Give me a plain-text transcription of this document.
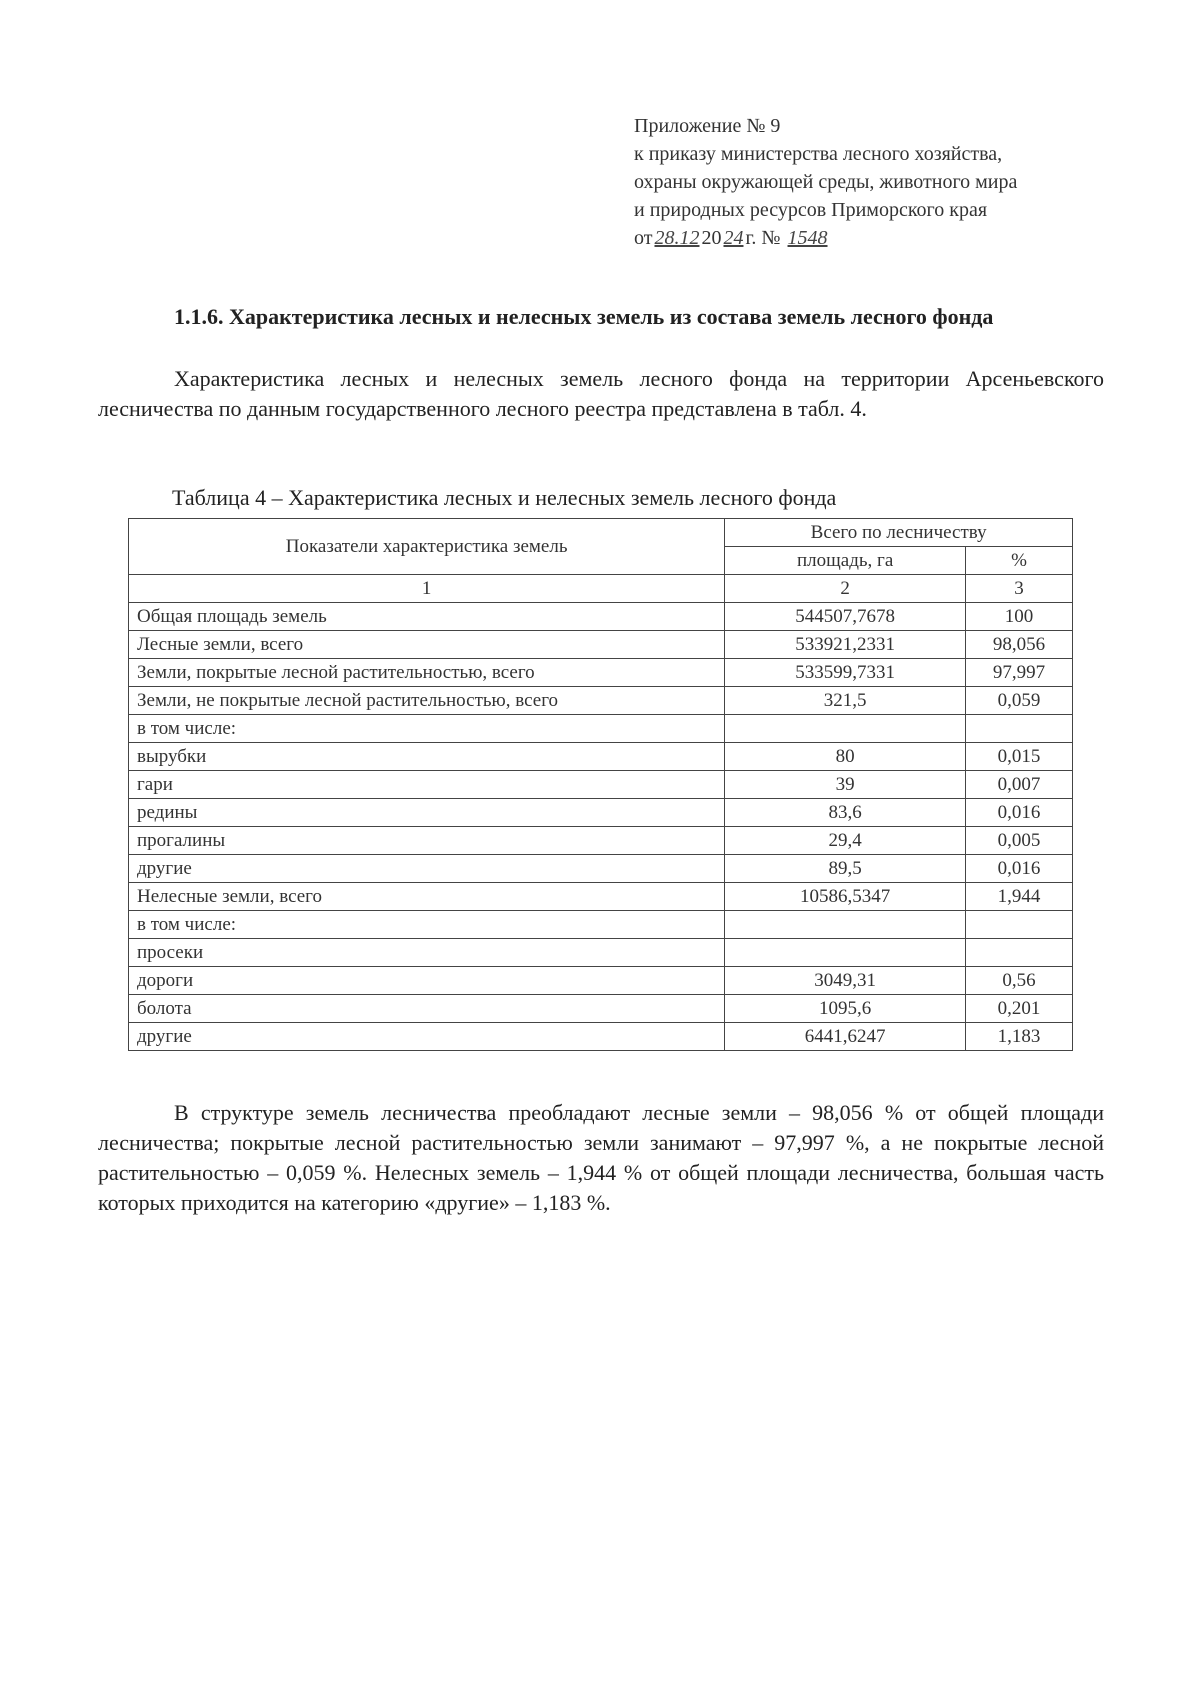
Приложение № 9
к приказу министерства лесного хозяйства,
охраны окружающей среды, животного мира
и природных ресурсов Приморского края
от 28.12 20 24 г. № 1548

1.1.6. Характеристика лесных и нелесных земель из состава земель лесного фонда

Характеристика лесных и нелесных земель лесного фонда на территории Арсеньевского лесничества по данным государственного лесного реестра представлена в табл. 4.

Таблица 4 – Характеристика лесных и нелесных земель лесного фонда

Показатели характеристика земель	Всего по лесничеству	
	площадь, га	%
1	2	3
Общая площадь земель	544507,7678	100
Лесные земли, всего	533921,2331	98,056
Земли, покрытые лесной растительностью, всего	533599,7331	97,997
Земли, не покрытые лесной растительностью, всего	321,5	0,059
в том числе:		
вырубки	80	0,015
гари	39	0,007
редины	83,6	0,016
прогалины	29,4	0,005
другие	89,5	0,016
Нелесные земли, всего	10586,5347	1,944
в том числе:		
просеки		
дороги	3049,31	0,56
болота	1095,6	0,201
другие	6441,6247	1,183

В структуре земель лесничества преобладают лесные земли – 98,056 % от общей площади лесничества; покрытые лесной растительностью земли занимают – 97,997 %, а не покрытые лесной растительностью – 0,059 %. Нелесных земель – 1,944 % от общей площади лесничества, большая часть которых приходится на категорию «другие» – 1,183 %.
